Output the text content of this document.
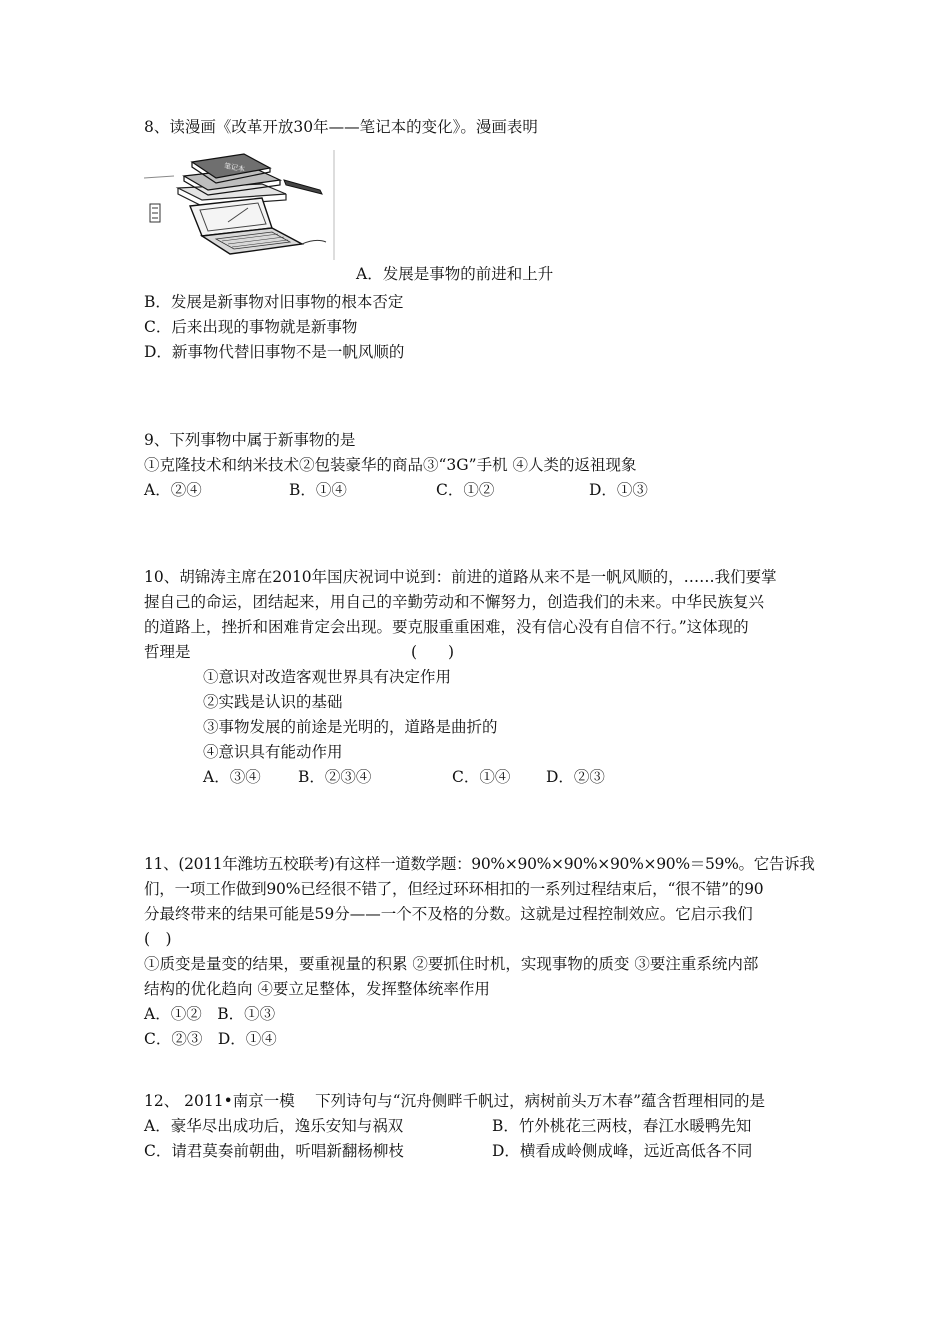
8、读漫画《改革开放30年——笔记本的变化》。漫画表明
笔记本
A．发展是事物的前进和上升
B．发展是新事物对旧事物的根本否定
C．后来出现的事物就是新事物
D．新事物代替旧事物不是一帆风顺的
9、下列事物中属于新事物的是
①克隆技术和纳米技术②包装豪华的商品③“3G”手机 ④人类的返祖现象
A．②④	B．①④	C．①②	D．①③
10、胡锦涛主席在2010年国庆祝词中说到：前进的道路从来不是一帆风顺的，……我们要掌
握自己的命运，团结起来，用自己的辛勤劳动和不懈努力，创造我们的未来。中华民族复兴
的道路上，挫折和困难肯定会出现。要克服重重困难，没有信心没有自信不行。”这体现的
哲理是	(　　)
①意识对改造客观世界具有决定作用
②实践是认识的基础
③事物发展的前途是光明的，道路是曲折的
④意识具有能动作用
A．③④ B．②③④	C．①④ D．②③
11、(2011年潍坊五校联考)有这样一道数学题：90%×90%×90%×90%×90%＝59%。它告诉我
们，一项工作做到90%已经很不错了，但经过环环相扣的一系列过程结束后，“很不错”的90
分最终带来的结果可能是59分——一个不及格的分数。这就是过程控制效应。它启示我们
(　)
①质变是量变的结果，要重视量的积累 ②要抓住时机，实现事物的质变 ③要注重系统内部
结构的优化趋向 ④要立足整体，发挥整体统率作用
A．①②　B．①③
C．②③　D．①④
12、 2011•南京一模　 下列诗句与“沉舟侧畔千帆过，病树前头万木春”蕴含哲理相同的是
A．豪华尽出成功后，逸乐安知与祸双	B．竹外桃花三两枝，春江水暖鸭先知
C．请君莫奏前朝曲，听唱新翻杨柳枝	D．横看成岭侧成峰，远近高低各不同
